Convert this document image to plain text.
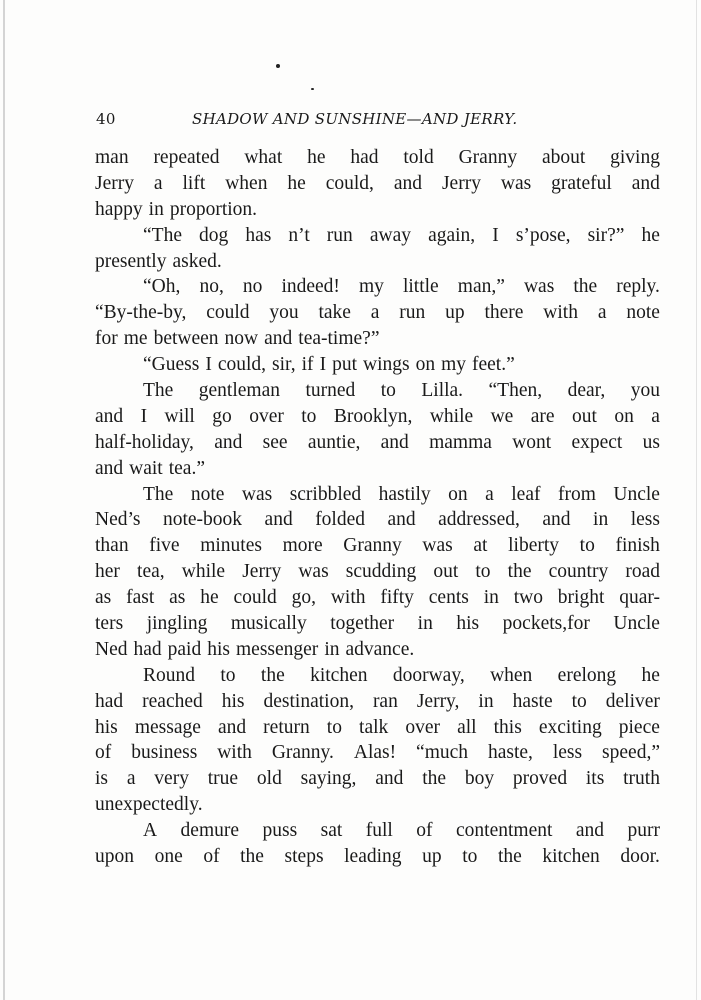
40	SHADOW AND SUNSHINE—AND JERRY.
man repeated what he had told Granny about giving
Jerry a lift when he could, and Jerry was grateful and
happy in proportion.
“The dog has n’t run away again, I s’pose, sir?” he
presently asked.
“Oh, no, no indeed! my little man,” was the reply.
“By-the-by, could you take a run up there with a note
for me between now and tea-time?”
“Guess I could, sir, if I put wings on my feet.”
The gentleman turned to Lilla. “Then, dear, you
and I will go over to Brooklyn, while we are out on a
half-holiday, and see auntie, and mamma wont expect us
and wait tea.”
The note was scribbled hastily on a leaf from Uncle
Ned’s note-book and folded and addressed, and in less
than five minutes more Granny was at liberty to finish
her tea, while Jerry was scudding out to the country road
as fast as he could go, with fifty cents in two bright quar-
ters jingling musically together in his pockets,for Uncle
Ned had paid his messenger in advance.
Round to the kitchen doorway, when erelong he
had reached his destination, ran Jerry, in haste to deliver
his message and return to talk over all this exciting piece
of business with Granny. Alas! “much haste, less speed,”
is a very true old saying, and the boy proved its truth
unexpectedly.
A demure puss sat full of contentment and purr
upon one of the steps leading up to the kitchen door.
